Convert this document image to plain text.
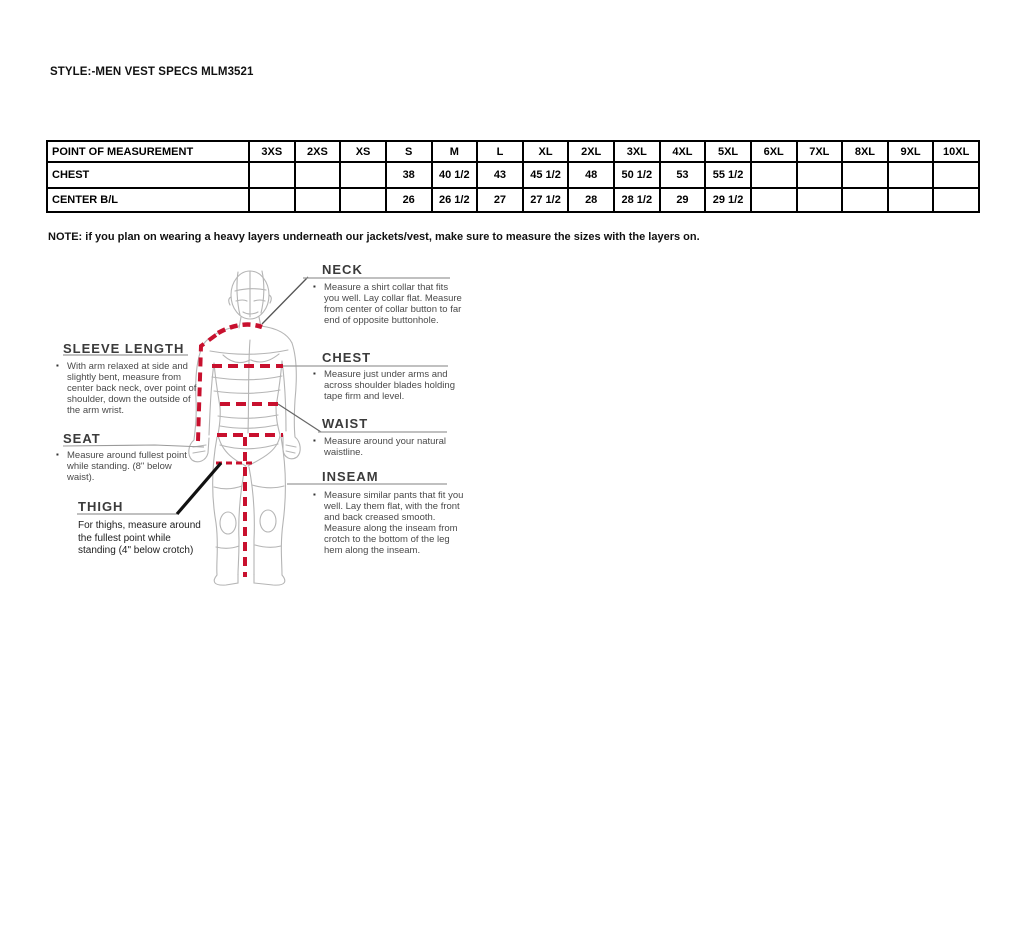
STYLE:-MEN VEST SPECS MLM3521
POINT OF MEASUREMENT	3XS	2XS	XS	S	M	L	XL	2XL	3XL	4XL	5XL	6XL	7XL	8XL	9XL	10XL
CHEST				38	40 1/2	43	45 1/2	48	50 1/2	53	55 1/2					
CENTER B/L				26	26 1/2	27	27 1/2	28	28 1/2	29	29 1/2					
NOTE: if you plan on wearing a heavy layers underneath our jackets/vest, make sure to measure the sizes with the layers on.
NECK
▪ Measure a shirt collar that fits you well. Lay collar flat. Measure from center of collar button to far end of opposite buttonhole.
CHEST
▪ Measure just under arms and across shoulder blades holding tape firm and level.
WAIST
▪ Measure around your natural waistline.
INSEAM
▪ Measure similar pants that fit you well. Lay them flat, with the front and back creased smooth. Measure along the inseam from crotch to the bottom of the leg hem along the inseam.
SLEEVE LENGTH
▪ With arm relaxed at side and slightly bent, measure from center back neck, over point of shoulder, down the outside of the arm wrist.
SEAT
▪ Measure around fullest point while standing. (8" below waist).
THIGH
For thighs, measure around the fullest point while standing (4" below crotch)
